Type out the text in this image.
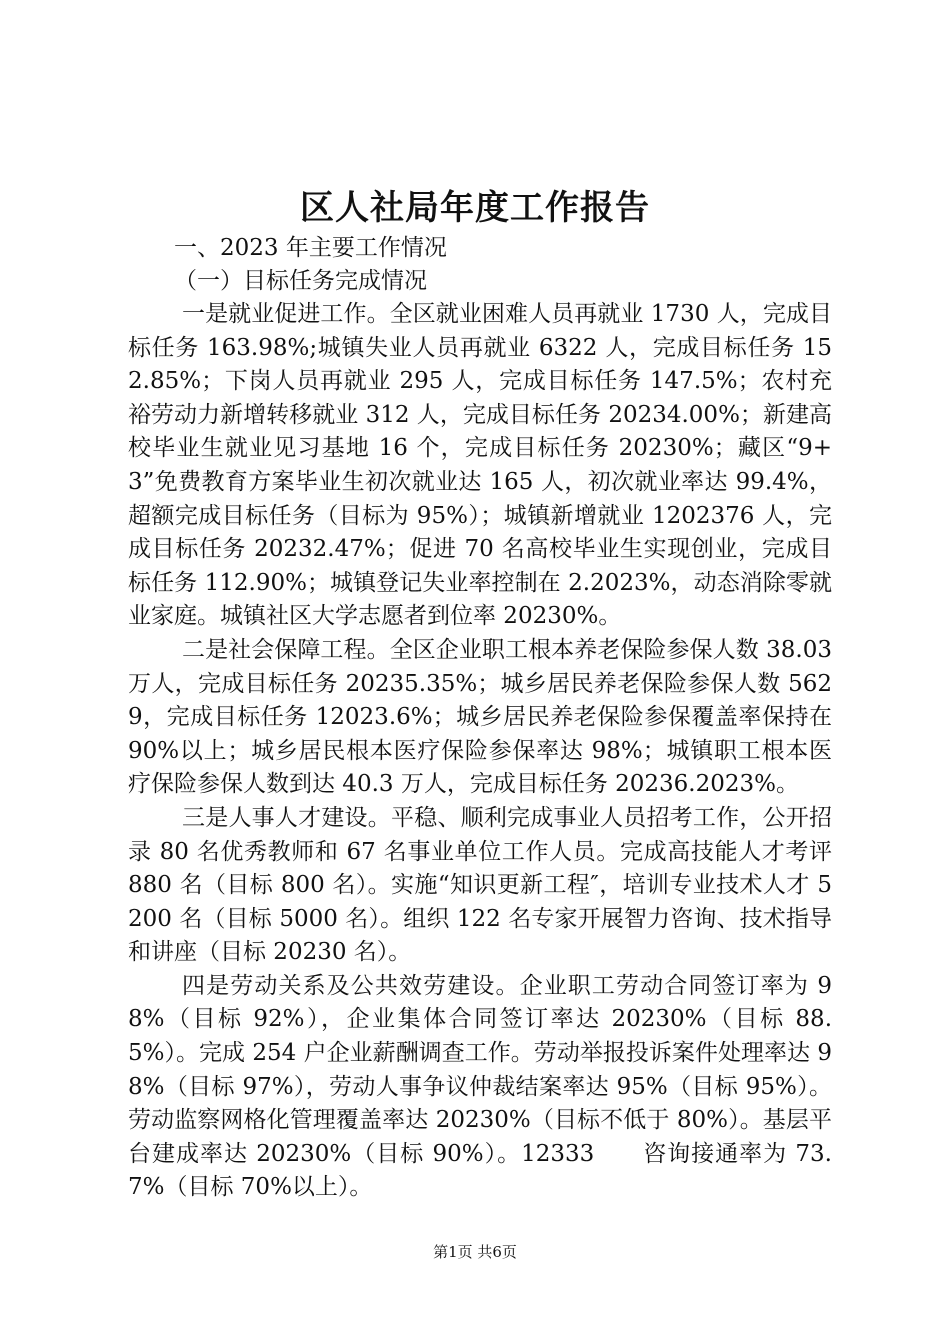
区人社局年度工作报告

一、2023 年主要工作情况

（一）目标任务完成情况

一是就业促进工作。全区就业困难人员再就业 1730 人，完成目标任务 163.98%;城镇失业人员再就业 6322 人，完成目标任务 152.85%；下岗人员再就业 295 人，完成目标任务 147.5%；农村充裕劳动力新增转移就业 312 人，完成目标任务 20234.00%；新建高校毕业生就业见习基地 16 个，完成目标任务 20230%；藏区“9+3”免费教育方案毕业生初次就业达 165 人，初次就业率达 99.4%，超额完成目标任务（目标为 95%）；城镇新增就业 1202376 人，完成目标任务 20232.47%；促进 70 名高校毕业生实现创业，完成目标任务 112.90%；城镇登记失业率控制在 2.2023%，动态消除零就业家庭。城镇社区大学志愿者到位率 20230%。

二是社会保障工程。全区企业职工根本养老保险参保人数 38.03 万人，完成目标任务 20235.35%；城乡居民养老保险参保人数 5629，完成目标任务 12023.6%；城乡居民养老保险参保覆盖率保持在 90%以上；城乡居民根本医疗保险参保率达 98%；城镇职工根本医疗保险参保人数到达 40.3 万人，完成目标任务 20236.2023%。

三是人事人才建设。平稳、顺利完成事业人员招考工作，公开招录 80 名优秀教师和 67 名事业单位工作人员。完成高技能人才考评 880 名（目标 800 名）。实施“知识更新工程″，培训专业技术人才 5200 名（目标 5000 名）。组织 122 名专家开展智力咨询、技术指导和讲座（目标 20230 名）。

四是劳动关系及公共效劳建设。企业职工劳动合同签订率为 98%（目标 92%），企业集体合同签订率达 20230%（目标 88.5%）。完成 254 户企业薪酬调查工作。劳动举报投诉案件处理率达 98%（目标 97%），劳动人事争议仲裁结案率达 95%（目标 95%）。劳动监察网格化管理覆盖率达 20230%（目标不低于 80%）。基层平台建成率达 20230%（目标 90%）。12333　　咨询接通率为 73.7%（目标 70%以上）。

第1页 共6页
